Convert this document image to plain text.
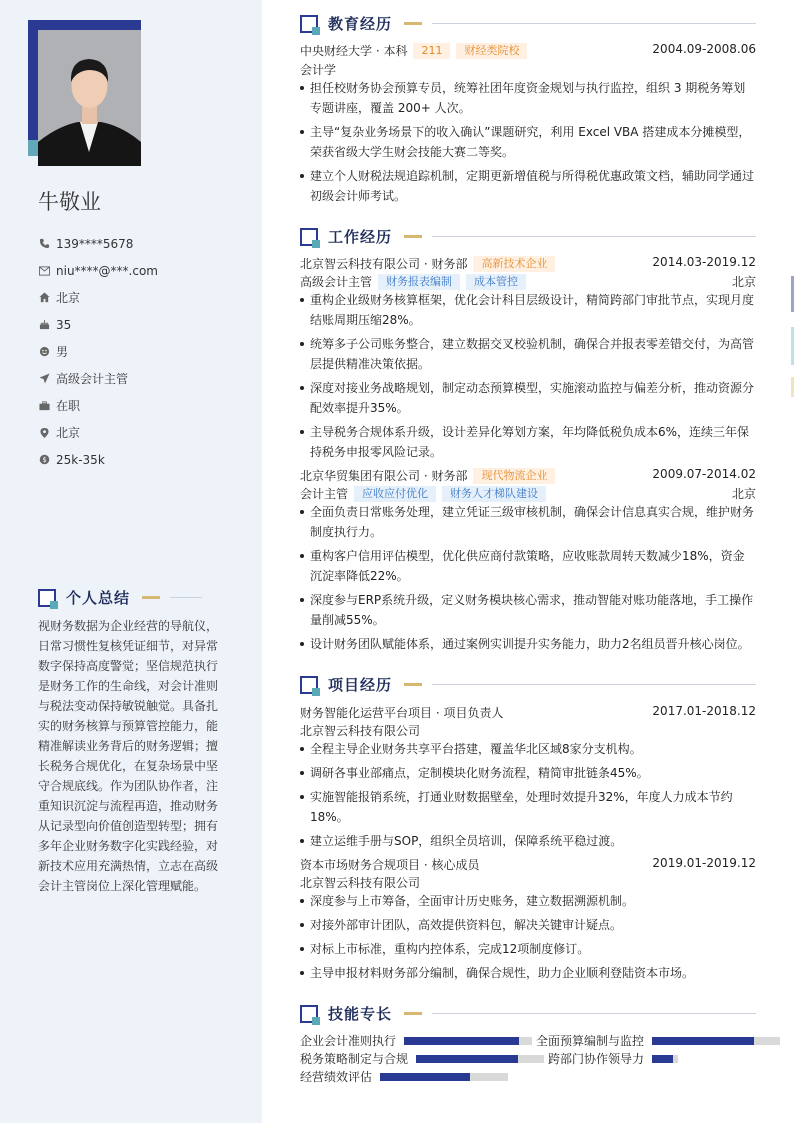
牛敬业
139****5678
niu****@***.com
北京
35
男
高级会计主管
在职
北京
$ 25k-35k
个人总结
视财务数据为企业经营的导航仪，日常习惯性复核凭证细节，对异常数字保持高度警觉；坚信规范执行是财务工作的生命线，对会计准则与税法变动保持敏锐触觉。具备扎实的财务核算与预算管控能力，能精准解读业务背后的财务逻辑；擅长税务合规优化，在复杂场景中坚守合规底线。作为团队协作者，注重知识沉淀与流程再造，推动财务从记录型向价值创造型转型；拥有多年企业财务数字化实践经验，对新技术应用充满热情，立志在高级会计主管岗位上深化管理赋能。
教育经历
中央财经大学 · 本科	211	财经类院校	2004.09-2008.06
会计学
担任校财务协会预算专员，统筹社团年度资金规划与执行监控，组织 3 期税务筹划专题讲座，覆盖 200+ 人次。
主导“复杂业务场景下的收入确认”课题研究，利用 Excel VBA 搭建成本分摊模型，荣获省级大学生财会技能大赛二等奖。
建立个人财税法规追踪机制，定期更新增值税与所得税优惠政策文档，辅助同学通过初级会计师考试。
工作经历
北京智云科技有限公司 · 财务部	高新技术企业	2014.03-2019.12
高级会计主管	财务报表编制	成本管控	北京
重构企业级财务核算框架，优化会计科目层级设计，精简跨部门审批节点，实现月度结账周期压缩28%。
统筹多子公司账务整合，建立数据交叉校验机制，确保合并报表零差错交付，为高管层提供精准决策依据。
深度对接业务战略规划，制定动态预算模型，实施滚动监控与偏差分析，推动资源分配效率提升35%。
主导税务合规体系升级，设计差异化筹划方案，年均降低税负成本6%，连续三年保持税务申报零风险记录。
北京华贸集团有限公司 · 财务部	现代物流企业	2009.07-2014.02
会计主管	应收应付优化	财务人才梯队建设	北京
全面负责日常账务处理，建立凭证三级审核机制，确保会计信息真实合规，维护财务制度执行力。
重构客户信用评估模型，优化供应商付款策略，应收账款周转天数减少18%，资金沉淀率降低22%。
深度参与ERP系统升级，定义财务模块核心需求，推动智能对账功能落地，手工操作量削减55%。
设计财务团队赋能体系，通过案例实训提升实务能力，助力2名组员晋升核心岗位。
项目经历
财务智能化运营平台项目 · 项目负责人	2017.01-2018.12
北京智云科技有限公司
全程主导企业财务共享平台搭建，覆盖华北区域8家分支机构。
调研各事业部痛点，定制模块化财务流程，精简审批链条45%。
实施智能报销系统，打通业财数据壁垒，处理时效提升32%，年度人力成本节约18%。
建立运维手册与SOP，组织全员培训，保障系统平稳过渡。
资本市场财务合规项目 · 核心成员	2019.01-2019.12
北京智云科技有限公司
深度参与上市筹备，全面审计历史账务，建立数据溯源机制。
对接外部审计团队，高效提供资料包，解决关键审计疑点。
对标上市标准，重构内控体系，完成12项制度修订。
主导申报材料财务部分编制，确保合规性，助力企业顺利登陆资本市场。
技能专长
企业会计准则执行	全面预算编制与监控
税务策略制定与合规	跨部门协作领导力
经营绩效评估
